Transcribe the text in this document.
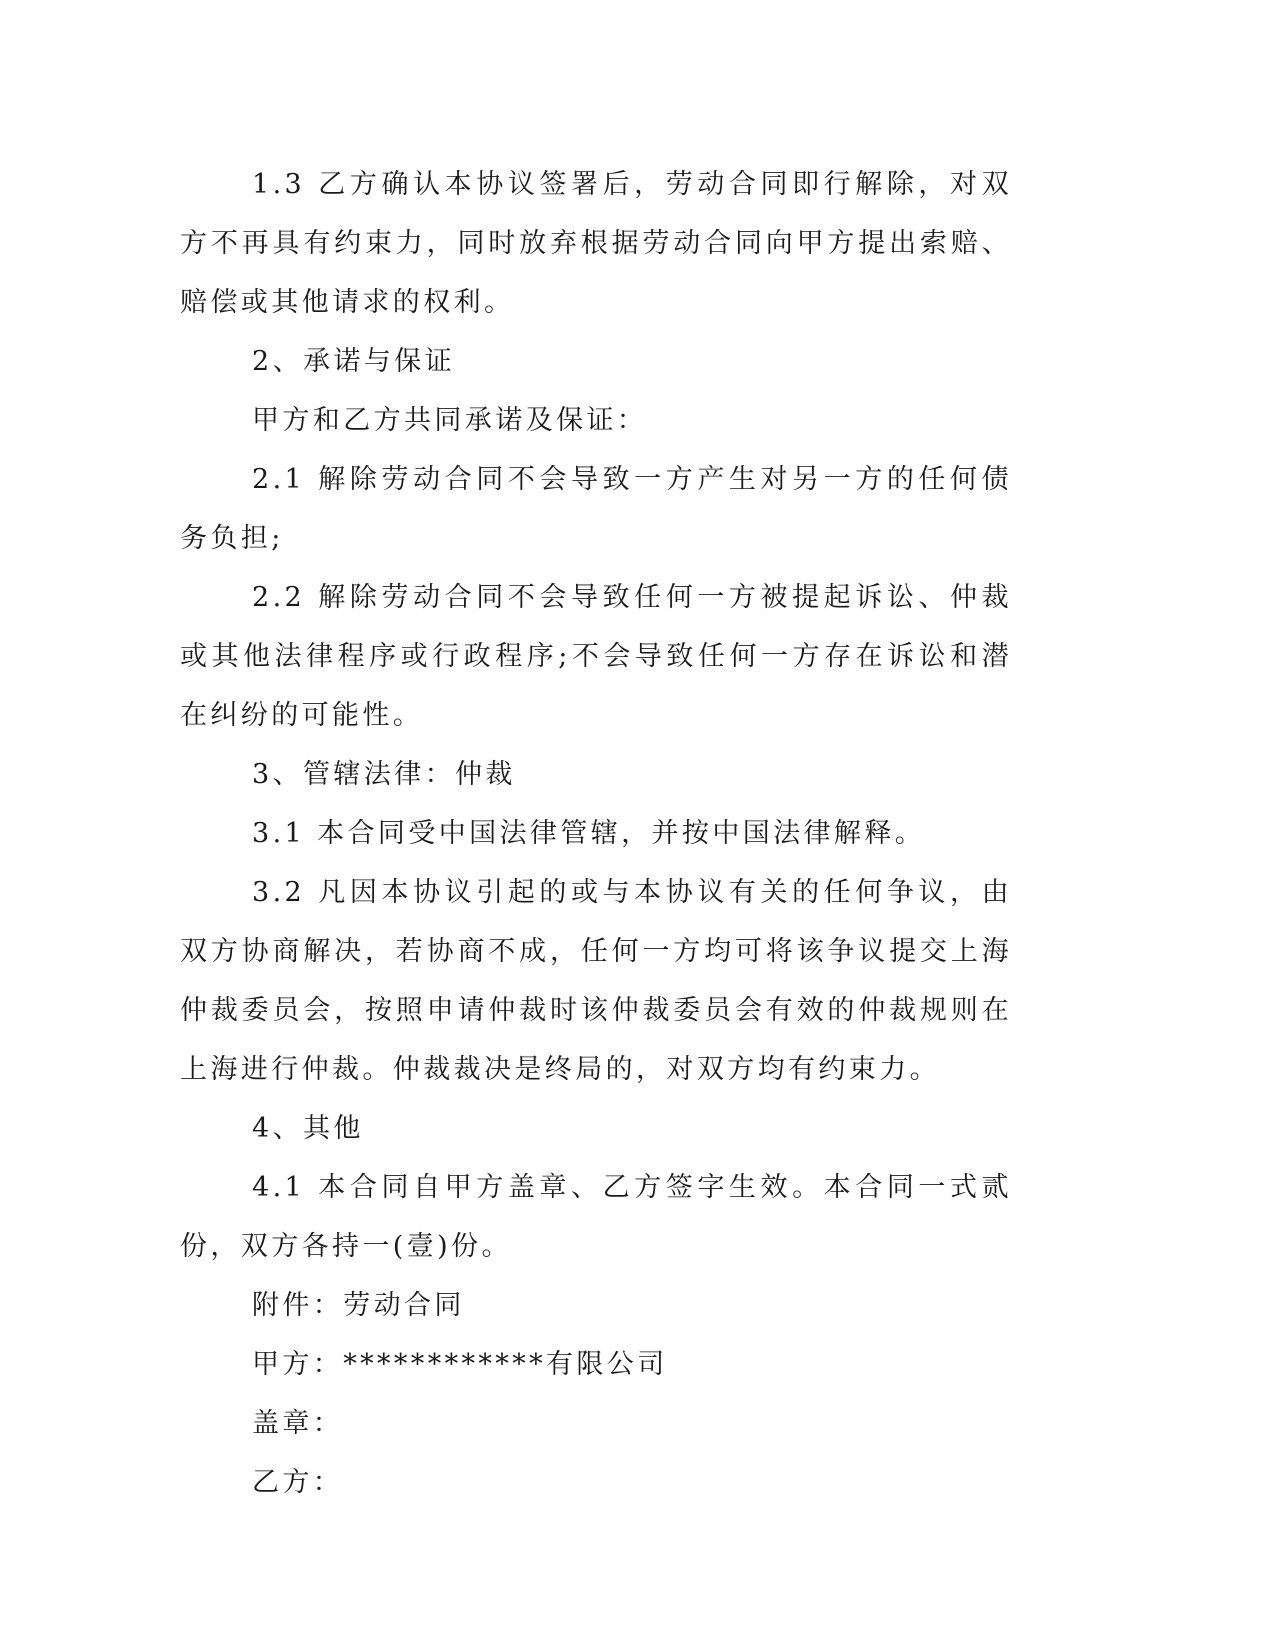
1.3 乙方确认本协议签署后，劳动合同即行解除，对双方不再具有约束力，同时放弃根据劳动合同向甲方提出索赔、赔偿或其他请求的权利。

2、承诺与保证

甲方和乙方共同承诺及保证：

2.1 解除劳动合同不会导致一方产生对另一方的任何债务负担;

2.2 解除劳动合同不会导致任何一方被提起诉讼、仲裁或其他法律程序或行政程序;不会导致任何一方存在诉讼和潜在纠纷的可能性。

3、管辖法律：仲裁

3.1 本合同受中国法律管辖，并按中国法律解释。

3.2 凡因本协议引起的或与本协议有关的任何争议，由双方协商解决，若协商不成，任何一方均可将该争议提交上海仲裁委员会，按照申请仲裁时该仲裁委员会有效的仲裁规则在上海进行仲裁。仲裁裁决是终局的，对双方均有约束力。

4、其他

4.1 本合同自甲方盖章、乙方签字生效。本合同一式贰份，双方各持一(壹)份。

附件：劳动合同

甲方：************有限公司

盖章：

乙方：
